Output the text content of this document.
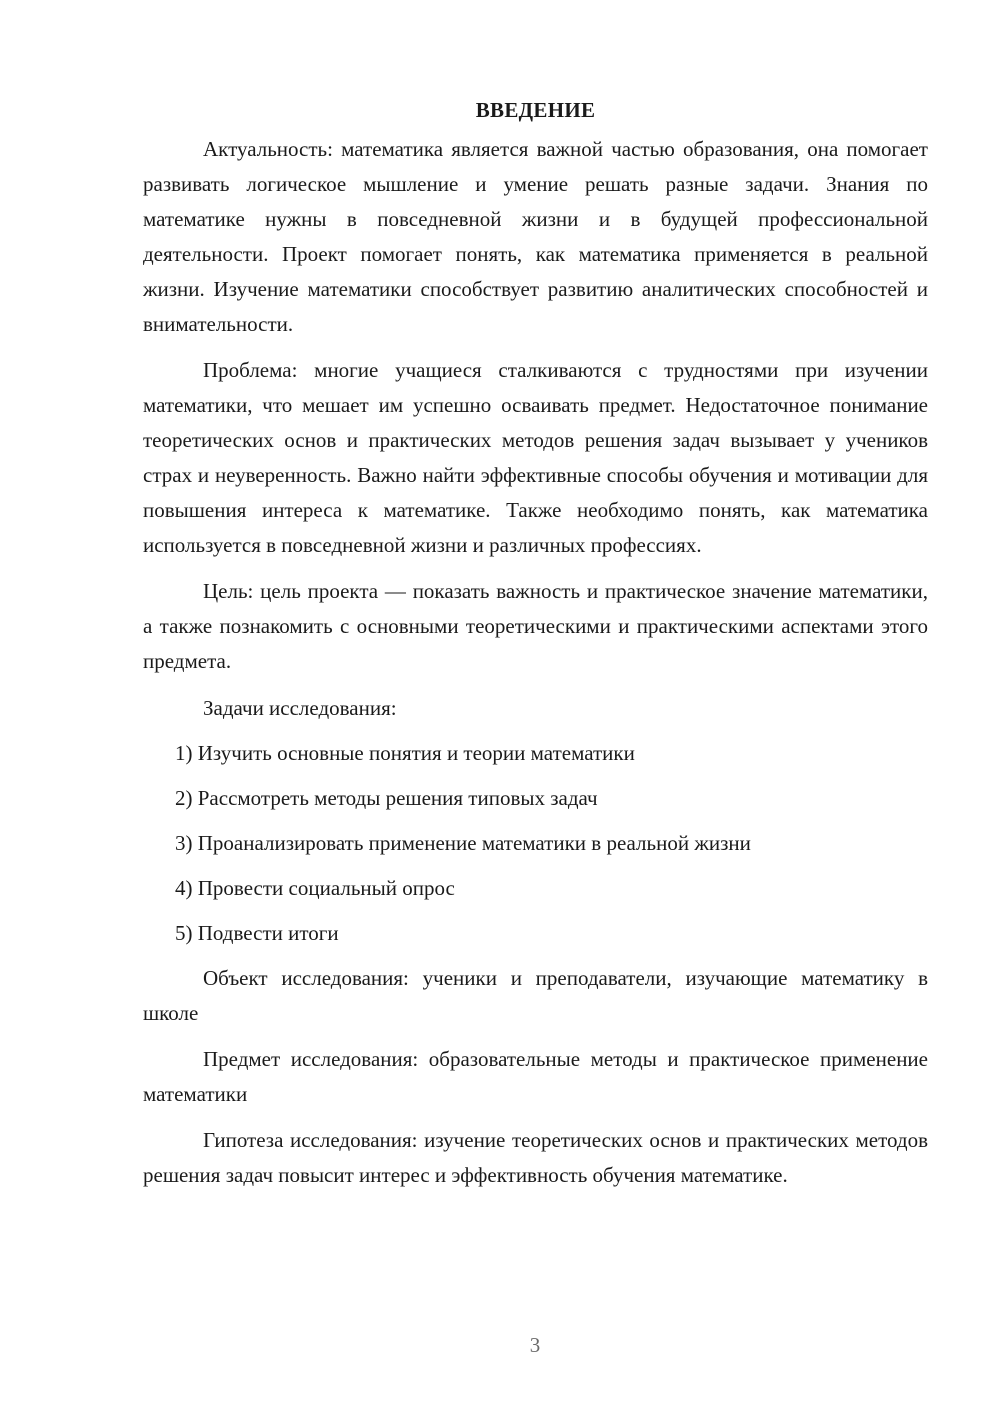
ВВЕДЕНИЕ

Актуальность: математика является важной частью образования, она помогает развивать логическое мышление и умение решать разные задачи. Знания по математике нужны в повседневной жизни и в будущей профессиональной деятельности. Проект помогает понять, как математика применяется в реальной жизни. Изучение математики способствует развитию аналитических способностей и внимательности.

Проблема: многие учащиеся сталкиваются с трудностями при изучении математики, что мешает им успешно осваивать предмет. Недостаточное понимание теоретических основ и практических методов решения задач вызывает у учеников страх и неуверенность. Важно найти эффективные способы обучения и мотивации для повышения интереса к математике. Также необходимо понять, как математика используется в повседневной жизни и различных профессиях.

Цель: цель проекта — показать важность и практическое значение математики, а также познакомить с основными теоретическими и практическими аспектами этого предмета.

Задачи исследования:

1) Изучить основные понятия и теории математики
2) Рассмотреть методы решения типовых задач
3) Проанализировать применение математики в реальной жизни
4) Провести социальный опрос
5) Подвести итоги

Объект исследования: ученики и преподаватели, изучающие математику в школе

Предмет исследования: образовательные методы и практическое применение математики

Гипотеза исследования: изучение теоретических основ и практических методов решения задач повысит интерес и эффективность обучения математике.

3
